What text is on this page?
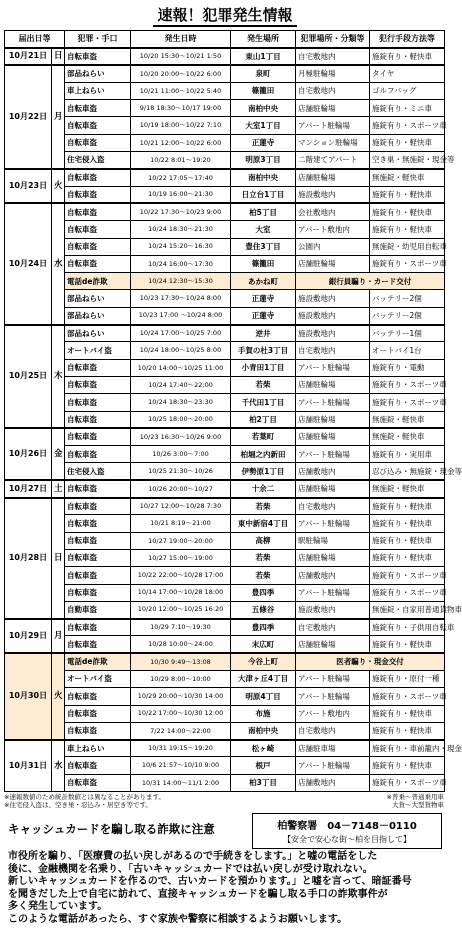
速報！犯罪発生情報
届出日等		犯罪・手口	発生日時	発生場所	犯罪場所・分類等	犯行手段方法等
10月21日	日	自転車盗	10/20 15:30～10/21 1:50	東山1丁目	自宅敷地内	施錠有り・軽快車
10月22日	月	部品ねらい	10/20 20:00～10/22 6:00	泉町	月極駐輪場	タイヤ
		車上ねらい	10/21 11:00～10/22 5:40	篠籠田	自宅敷地内	ゴルフバッグ
		自転車盗	9/18 18:30～10/17 19:00	南柏中央	店舗駐輪場	施錠有り・ミニ車
		自転車盗	10/19 18:00～10/22 7:10	大室1丁目	アパート駐輪場	施錠有り・スポーツ車
		自転車盗	10/21 12:00～10/22 6:00	正蓮寺	マンション駐輪場	施錠有り・軽快車
		住宅侵入盗	10/22 8:01～19:20	明原3丁目	二階建てアパート	空き巣・無施錠・現金等
10月23日	火	自転車盗	10/22 17:05～17:40	南柏中央	店舗駐輪場	無施錠・軽快車
		自転車盗	10/19 16:00～21:30	日立台1丁目	施設敷地内	施錠有り・軽快車
10月24日	水	自転車盗	10/22 17:30～10/23 9:00	柏5丁目	会社敷地内	施錠有り・軽快車
		自転車盗	10/24 18:30～21:30	大室	アパート敷地内	施錠有り・軽快車
		自転車盗	10/24 15:20～16:30	豊住3丁目	公園内	無施錠・幼児用自転車
		自転車盗	10/24 16:00～17:30	篠籠田	店舗駐輪場	施錠有り・スポーツ車
		電話de詐欺	10/24 12:30～15:30	あかね町	銀行員騙り・カード交付	
		部品ねらい	10/23 17:30～10/24 8:00	正蓮寺	施設敷地内	バッテリー2個
		部品ねらい	10/23 17:00 ～10/24 8:00	正蓮寺	施設敷地内	バッテリー2個
10月25日	木	部品ねらい	10/24 17:00～10/25 7:00	逆井	施設敷地内	バッテリー1個
		オートバイ盗	10/24 18:00～10/25 8:00	手賀の杜3丁目	自宅敷地内	オートバイ1台
		自転車盗	10/20 14:00～10/25 11:00	小青田1丁目	アパート駐輪場	施錠有り・電動
		自転車盗	10/24 17:40～22:00	若柴	店舗駐輪場	施錠有り・スポーツ車
		自転車盗	10/24 18:30～23:30	千代田1丁目	アパート駐輪場	施錠有り・スポーツ車
		自転車盗	10/25 18:00～20:00	柏2丁目	店舗駐輪場	無施錠・軽快車
10月26日	金	自転車盗	10/23 16:30～10/26 9:00	若葉町	店舗駐輪場	無施錠・軽快車
		自転車盗	10/26 3:00～7:00	柏堀之内新田	アパート駐輪場	施錠有り・実用車
		住宅侵入盗	10/25 21:30～10/26	伊勢原1丁目	店舗敷地内	忍び込み・無施錠・現金等
10月27日	土	自転車盗	10/26 20:00～10/27	十余二	店舗駐輪場	無施錠・軽快車
10月28日	日	自転車盗	10/27 12:00～10/28 7:30	若柴	自宅敷地内	施錠有り・軽快車
		自転車盗	10/21 8:19～21:00	東中新宿4丁目	アパート駐輪場	施錠有り・軽快車
		自転車盗	10/27 19:00～20:00	高柳	駅駐輪場	施錠有り・軽快車
		自転車盗	10/27 15:00～19:00	若柴	店舗駐輪場	施錠有り・軽快車
		自転車盗	10/22 22:00～10/28 17:00	若柴	店舗敷地内	施錠有り・スポーツ車
		自転車盗	10/14 17:00～10/28 18:00	豊四季	アパート駐輪場	施錠有り・スポーツ車
		自動車盗	10/20 12:00～10/25 16:20	五條谷	施設敷地内	無施錠・自家用普通貨物車
10月29日	月	自転車盗	10/29 7:10～19:30	豊四季	自宅敷地内	施錠有り・子供用自転車
		自転車盗	10/28 10:00～24:00	末広町	店舗駐輪場	施錠有り・軽快車
10月30日	火	電話de詐欺	10/30 9:49～13:08	今谷上町	医者騙り・現金交付	
		オートバイ盗	10/29 8:00～10:00	大津ヶ丘4丁目	アパート駐輪場	施錠有り・原付一種
		自転車盗	10/29 20:00～10/30 14:00	明原4丁目	アパート駐輪場	施錠有り・スポーツ車
		自転車盗	10/22 17:00～10/30 12:00	布施	アパート敷地内	施錠有り・軽快車
		自転車盗	7/22 14:00～22:00	南柏中央	自宅敷地内	施錠有り・軽快車
10月31日	水	車上ねらい	10/31 19:15～19:20	松ヶ崎	店舗駐車場	施錠有り・車前籠内・現金
		自転車盗	10/6 21:57～10/10 9:00	根戸	アパート駐輪場	施錠有り・軽快車
		自転車盗	10/31 14:00～11/1 2:00	柏3丁目	店舗敷地内	施錠有り・スポーツ車
※速報数値のため統計数値とは異なることがあります。
※住宅侵入盗は、空き巣・忍込み・居空き等です。
※普乗～普通乗用車
大貨～大型貨物車
キャッシュカードを騙し取る詐欺に注意	柏警察署　04－7148－0110
【安全で安心な街～柏を目指して】
市役所を騙り、「医療費の払い戻しがあるので手続きをします。」と嘘の電話をした
後に、金融機関を名乗り、「古いキャッシュカードでは払い戻しが受け取れない。
新しいキャッシュカードを作るので、古いカードを預かります。」と嘘を言って、暗証番号
を聞きだした上で自宅に訪れて、直接キャッシュカードを騙し取る手口の詐欺事件が
多く発生しています。
このような電話があったら、すぐ家族や警察に相談するようお願いします。
